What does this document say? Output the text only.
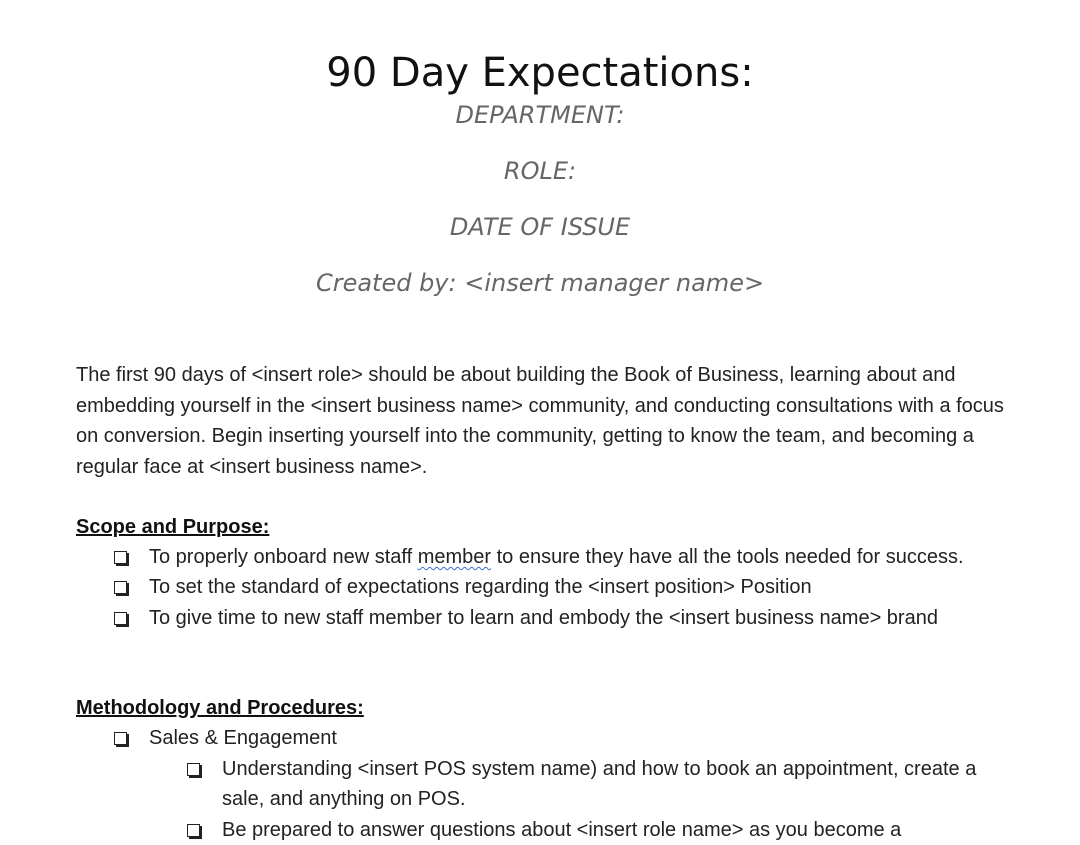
90 Day Expectations:

DEPARTMENT:

ROLE:

DATE OF ISSUE

Created by: <insert manager name>

The first 90 days of <insert role> should be about building the Book of Business, learning about and embedding yourself in the <insert business name> community, and conducting consultations with a focus on conversion. Begin inserting yourself into the community, getting to know the team, and becoming a regular face at <insert business name>.

Scope and Purpose:
To properly onboard new staff member to ensure they have all the tools needed for success.
To set the standard of expectations regarding the <insert position> Position
To give time to new staff member to learn and embody the <insert business name> brand
Methodology and Procedures:
Sales & Engagement
Understanding <insert POS system name) and how to book an appointment, create a sale, and anything on POS.
Be prepared to answer questions about <insert role name> as you become a
